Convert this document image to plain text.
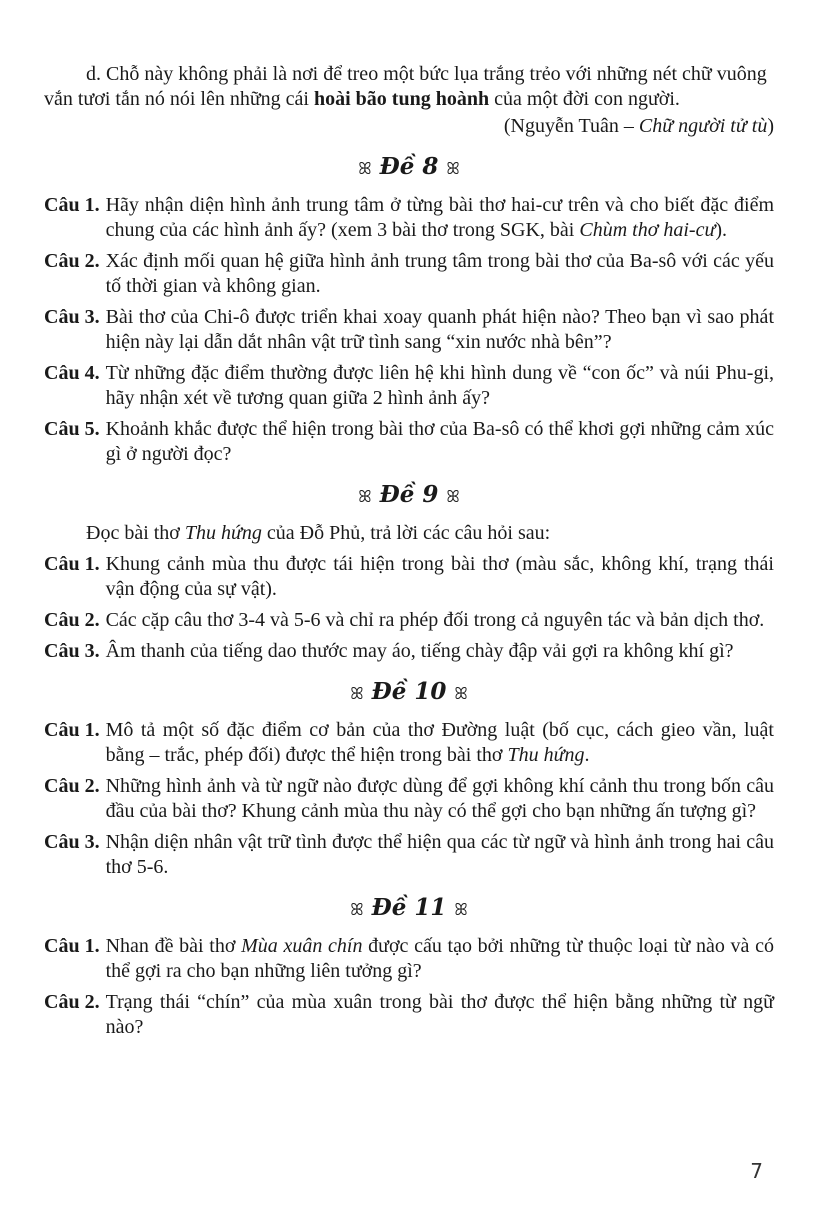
d. Chỗ này không phải là nơi để treo một bức lụa trắng trẻo với những nét chữ vuông vắn tươi tắn nó nói lên những cái hoài bão tung hoành của một đời con người.

(Nguyễn Tuân – Chữ người tử tù)
ꕤ Đề 8 ꕤ
Câu 1. Hãy nhận diện hình ảnh trung tâm ở từng bài thơ hai-cư trên và cho biết đặc điểm chung của các hình ảnh ấy? (xem 3 bài thơ trong SGK, bài Chùm thơ hai-cư).
Câu 2. Xác định mối quan hệ giữa hình ảnh trung tâm trong bài thơ của Ba-sô với các yếu tố thời gian và không gian.
Câu 3. Bài thơ của Chi-ô được triển khai xoay quanh phát hiện nào? Theo bạn vì sao phát hiện này lại dẫn dắt nhân vật trữ tình sang “xin nước nhà bên”?
Câu 4. Từ những đặc điểm thường được liên hệ khi hình dung về “con ốc” và núi Phu-gi, hãy nhận xét về tương quan giữa 2 hình ảnh ấy?
Câu 5. Khoảnh khắc được thể hiện trong bài thơ của Ba-sô có thể khơi gợi những cảm xúc gì ở người đọc?
ꕤ Đề 9 ꕤ

Đọc bài thơ Thu hứng của Đỗ Phủ, trả lời các câu hỏi sau:

Câu 1. Khung cảnh mùa thu được tái hiện trong bài thơ (màu sắc, không khí, trạng thái vận động của sự vật).
Câu 2. Các cặp câu thơ 3-4 và 5-6 và chỉ ra phép đối trong cả nguyên tác và bản dịch thơ.
Câu 3. Âm thanh của tiếng dao thước may áo, tiếng chày đập vải gợi ra không khí gì?
ꕤ Đề 10 ꕤ
Câu 1. Mô tả một số đặc điểm cơ bản của thơ Đường luật (bố cục, cách gieo vần, luật bằng – trắc, phép đối) được thể hiện trong bài thơ Thu hứng.
Câu 2. Những hình ảnh và từ ngữ nào được dùng để gợi không khí cảnh thu trong bốn câu đầu của bài thơ? Khung cảnh mùa thu này có thể gợi cho bạn những ấn tượng gì?
Câu 3. Nhận diện nhân vật trữ tình được thể hiện qua các từ ngữ và hình ảnh trong hai câu thơ 5-6.
ꕤ Đề 11 ꕤ
Câu 1. Nhan đề bài thơ Mùa xuân chín được cấu tạo bởi những từ thuộc loại từ nào và có thể gợi ra cho bạn những liên tưởng gì?
Câu 2. Trạng thái “chín” của mùa xuân trong bài thơ được thể hiện bằng những từ ngữ nào?
7
